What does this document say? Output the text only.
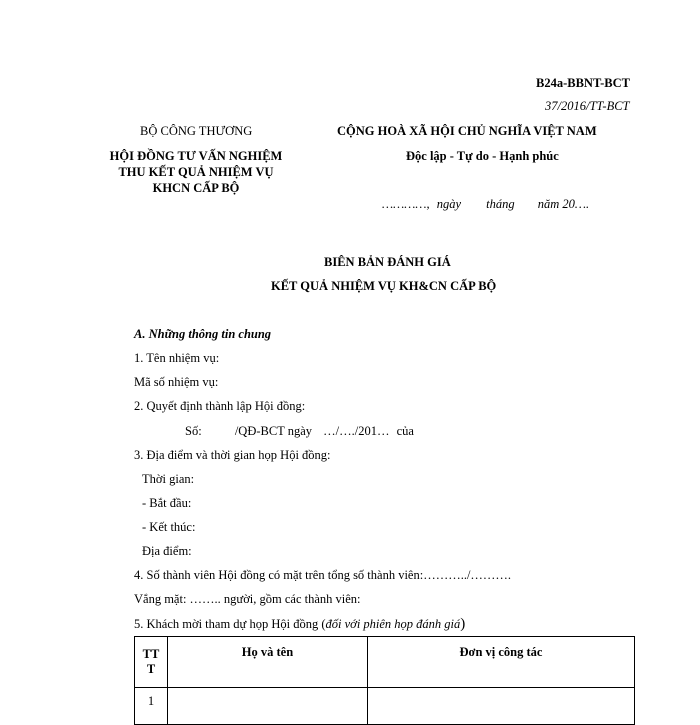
B24a-BBNT-BCT
37/2016/TT-BCT
BỘ CÔNG THƯƠNG
HỘI ĐỒNG TƯ VẤN NGHIỆM
THU KẾT QUẢ NHIỆM VỤ
KHCN CẤP BỘ
CỘNG HOÀ XÃ HỘI CHỦ NGHĨA VIỆT NAM
Độc lập - Tự do - Hạnh phúc
…………, ngày tháng năm 20….
BIÊN BẢN ĐÁNH GIÁ
KẾT QUẢ NHIỆM VỤ KH&CN CẤP BỘ
A. Những thông tin chung
1. Tên nhiệm vụ:
Mã số nhiệm vụ:
2. Quyết định thành lập Hội đồng:
Số:	/QĐ-BCT ngày …/…./201… của
3. Địa điểm và thời gian họp Hội đồng:
Thời gian:
- Bắt đầu:
- Kết thúc:
Địa điểm:
4. Số thành viên Hội đồng có mặt trên tổng số thành viên:………../……….
Vắng mặt: …….. người, gồm các thành viên:
5. Khách mời tham dự họp Hội đồng (đối với phiên họp đánh giá)
TT
T	Họ và tên	Đơn vị công tác
1		
